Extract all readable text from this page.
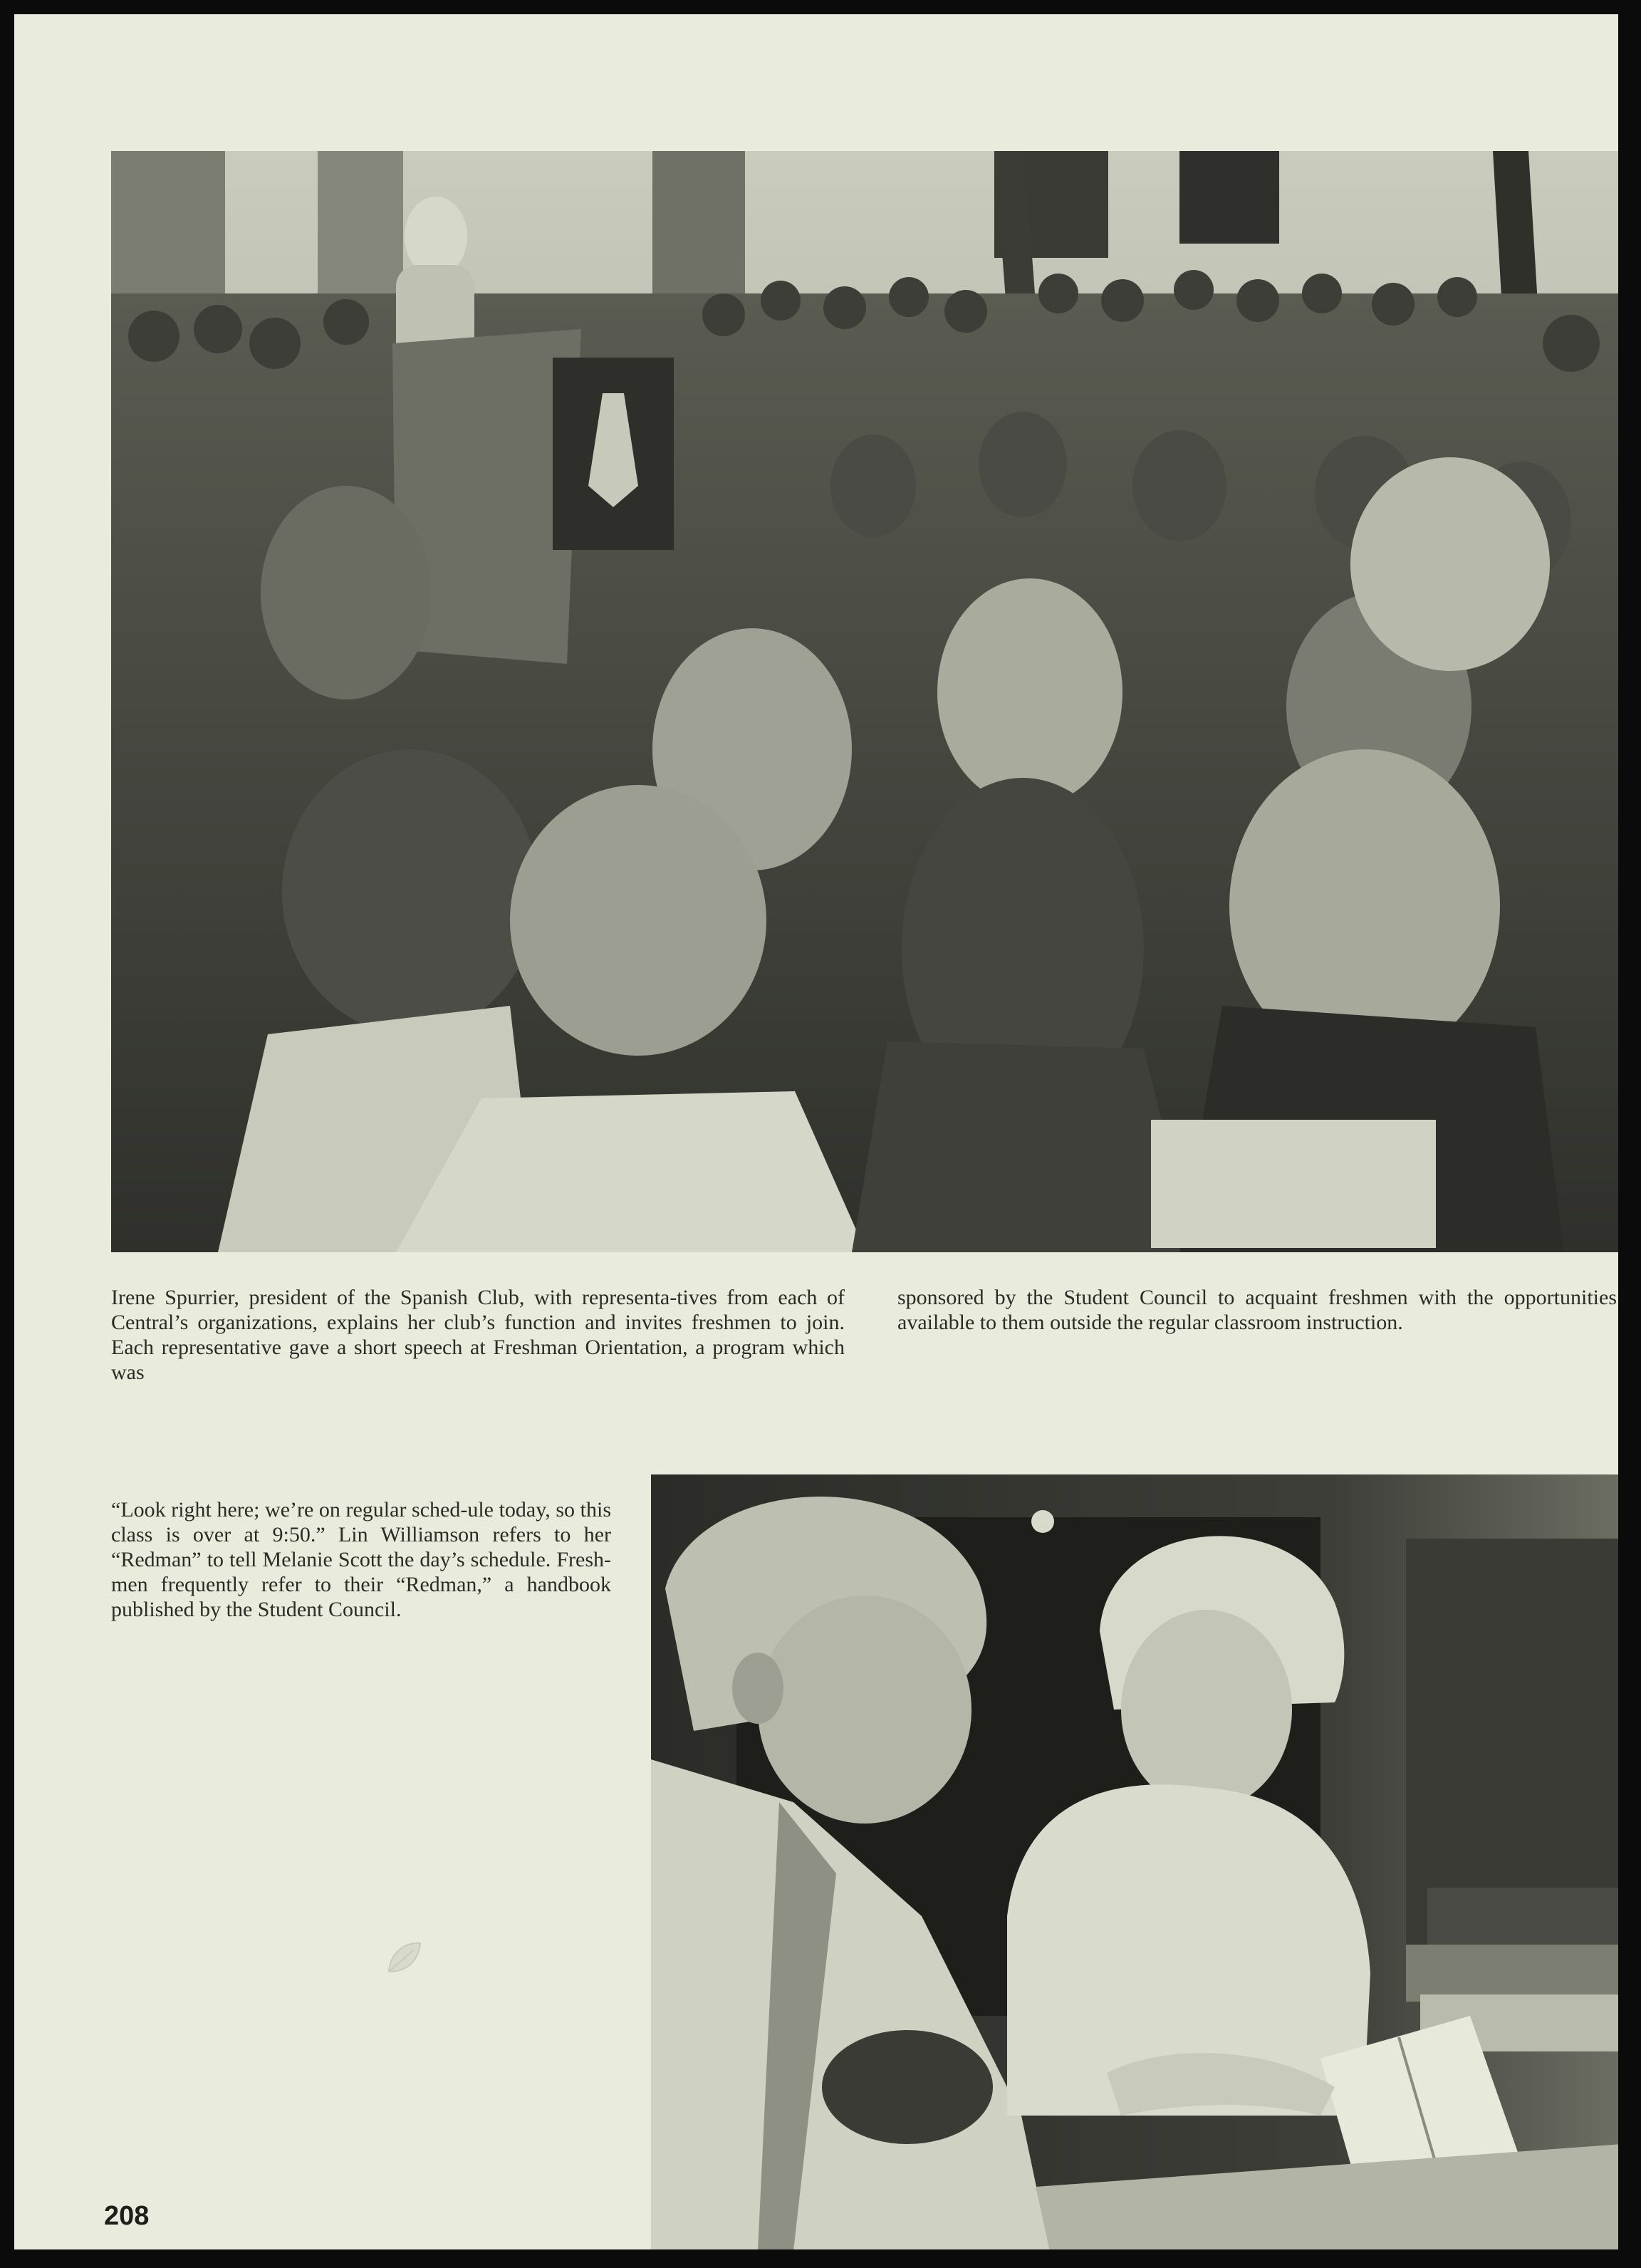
Irene Spurrier, president of the Spanish Club, with representa-tives from each of Central’s organizations, explains her club’s function and invites freshmen to join. Each representative gave a short speech at Freshman Orientation, a program which was

sponsored by the Student Council to acquaint freshmen with the opportunities available to them outside the regular classroom instruction.

“Look right here; we’re on regular sched-ule today, so this class is over at 9:50.” Lin Williamson refers to her “Redman” to tell Melanie Scott the day’s schedule. Fresh-men frequently refer to their “Redman,” a handbook published by the Student Council.

208
